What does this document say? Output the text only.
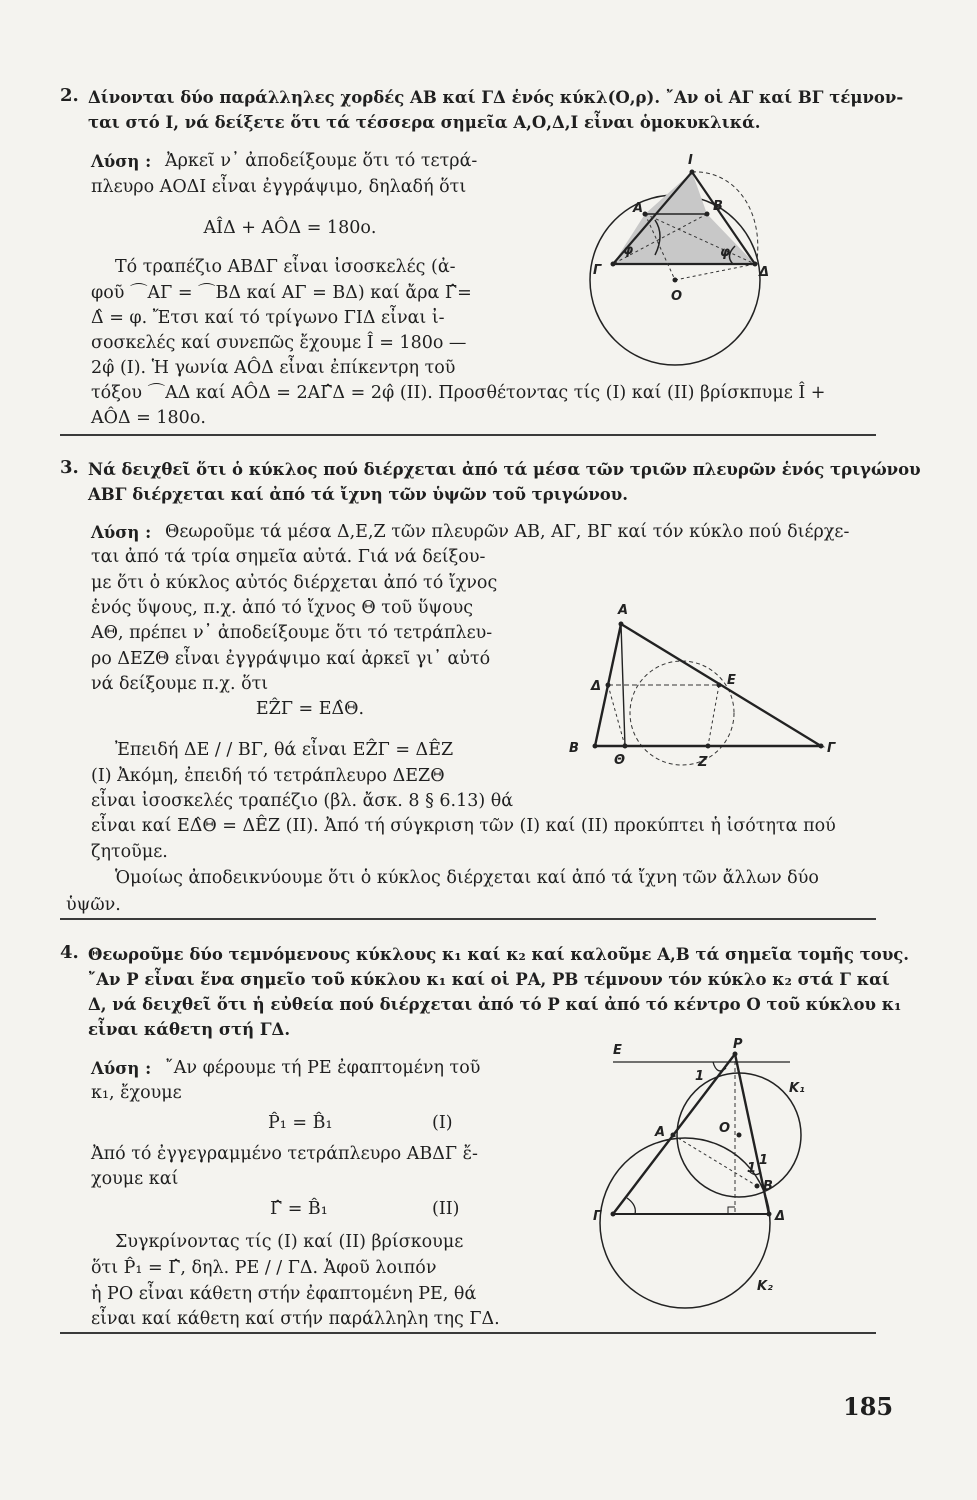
2. Δίνονται δύο παράλληλες χορδές ΑΒ καί ΓΔ ἑνός κύκλ(Ο,ρ). ῎Αν οἱ ΑΓ καί ΒΓ τέμνον-
ται στό Ι, νά δείξετε ὅτι τά τέσσερα σημεῖα Α,Ο,Δ,Ι εἶναι ὁμοκυκλικά.
Λύση : Ἀρκεῖ ν᾿ ἀποδείξουμε ὅτι τό τετρά-
πλευρο ΑΟΔΙ εἶναι ἐγγράψιμο, δηλαδή ὅτι
ΑÎΔ + ΑÔΔ = 180ο.
Τό τραπέζιο ΑΒΔΓ εἶναι ἰσοσκελές (ἀ-
φοῦ ⌒ΑΓ = ⌒ΒΔ καί ΑΓ = ΒΔ) καί ἄρα Γ̂=
Δ̂ = φ. Ἔτσι καί τό τρίγωνο ΓΙΔ εἶναι ἰ-
σοσκελές καί συνεπῶς ἔχουμε Î = 180ο —
2φ̂ (Ι). Ἡ γωνία ΑÔΔ εἶναι ἐπίκεντρη τοῦ
τόξου ⌒ΑΔ καί ΑÔΔ = 2ΑΓ̂Δ = 2φ̂ (ΙΙ). Προσθέτοντας τίς (Ι) καί (ΙΙ) βρίσκπυμε Î +
ΑÔΔ = 180ο.
I
A	B
Γ	Δ
O
φ	φ
3. Νά δειχθεῖ ὅτι ὁ κύκλος πού διέρχεται ἀπό τά μέσα τῶν τριῶν πλευρῶν ἑνός τριγώνου
ΑΒΓ διέρχεται καί ἀπό τά ἴχνη τῶν ὑψῶν τοῦ τριγώνου.
Λύση : Θεωροῦμε τά μέσα Δ,Ε,Ζ τῶν πλευρῶν ΑΒ, ΑΓ, ΒΓ καί τόν κύκλο πού διέρχε-
ται ἀπό τά τρία σημεῖα αὐτά. Γιά νά δείξου-
με ὅτι ὁ κύκλος αὐτός διέρχεται ἀπό τό ἴχνος
ἑνός ὕψους, π.χ. ἀπό τό ἴχνος Θ τοῦ ὕψους
ΑΘ, πρέπει ν᾿ ἀποδείξουμε ὅτι τό τετράπλευ-
ρο ΔΕΖΘ εἶναι ἐγγράψιμο καί ἀρκεῖ γι᾿ αὐτό
νά δείξουμε π.χ. ὅτι
ΕẐΓ = ΕΔ̂Θ.
Ἐπειδή ΔΕ / / ΒΓ, θά εἶναι ΕẐΓ = ΔÊΖ
(Ι) Ἀκόμη, ἐπειδή τό τετράπλευρο ΔΕΖΘ
εἶναι ἰσοσκελές τραπέζιο (βλ. ἄσκ. 8 § 6.13) θά
εἶναι καί ΕΔ̂Θ = ΔÊΖ (ΙΙ). Ἀπό τή σύγκριση τῶν (Ι) καί (ΙΙ) προκύπτει ἡ ἰσότητα πού
ζητοῦμε.
Ὁμοίως ἀποδεικνύουμε ὅτι ὁ κύκλος διέρχεται καί ἀπό τά ἴχνη τῶν ἄλλων δύο
ὑψῶν.
A
Δ	E
B
Θ	Z
Γ
4. Θεωροῦμε δύο τεμνόμενους κύκλους κ₁ καί κ₂ καί καλοῦμε Α,Β τά σημεῖα τομῆς τους.
῎Αν Ρ εἶναι ἕνα σημεῖο τοῦ κύκλου κ₁ καί οἱ ΡΑ, ΡΒ τέμνουν τόν κύκλο κ₂ στά Γ καί
Δ, νά δειχθεῖ ὅτι ἡ εὐθεία πού διέρχεται ἀπό τό Ρ καί ἀπό τό κέντρο Ο τοῦ κύκλου κ₁
εἶναι κάθετη στή ΓΔ.
Λύση : ῎Αν φέρουμε τή ΡΕ ἐφαπτομένη τοῦ
κ₁, ἔχουμε
P̂₁ = B̂₁	(Ι)
Ἀπό τό ἐγγεγραμμένο τετράπλευρο ΑΒΔΓ ἔ-
χουμε καί
Γ̂ = B̂₁	(ΙΙ)
Συγκρίνοντας τίς (Ι) καί (ΙΙ) βρίσκουμε
ὅτι P̂₁ = Γ̂, δηλ. ΡΕ / / ΓΔ. Ἀφοῦ λοιπόν
ἡ ΡΟ εἶναι κάθετη στήν ἐφαπτομένη ΡΕ, θά
εἶναι καί κάθετη καί στήν παράλληλη της ΓΔ.
E	P
K₁
A	O
1
1
1
B
Γ	Δ
K₂
185
